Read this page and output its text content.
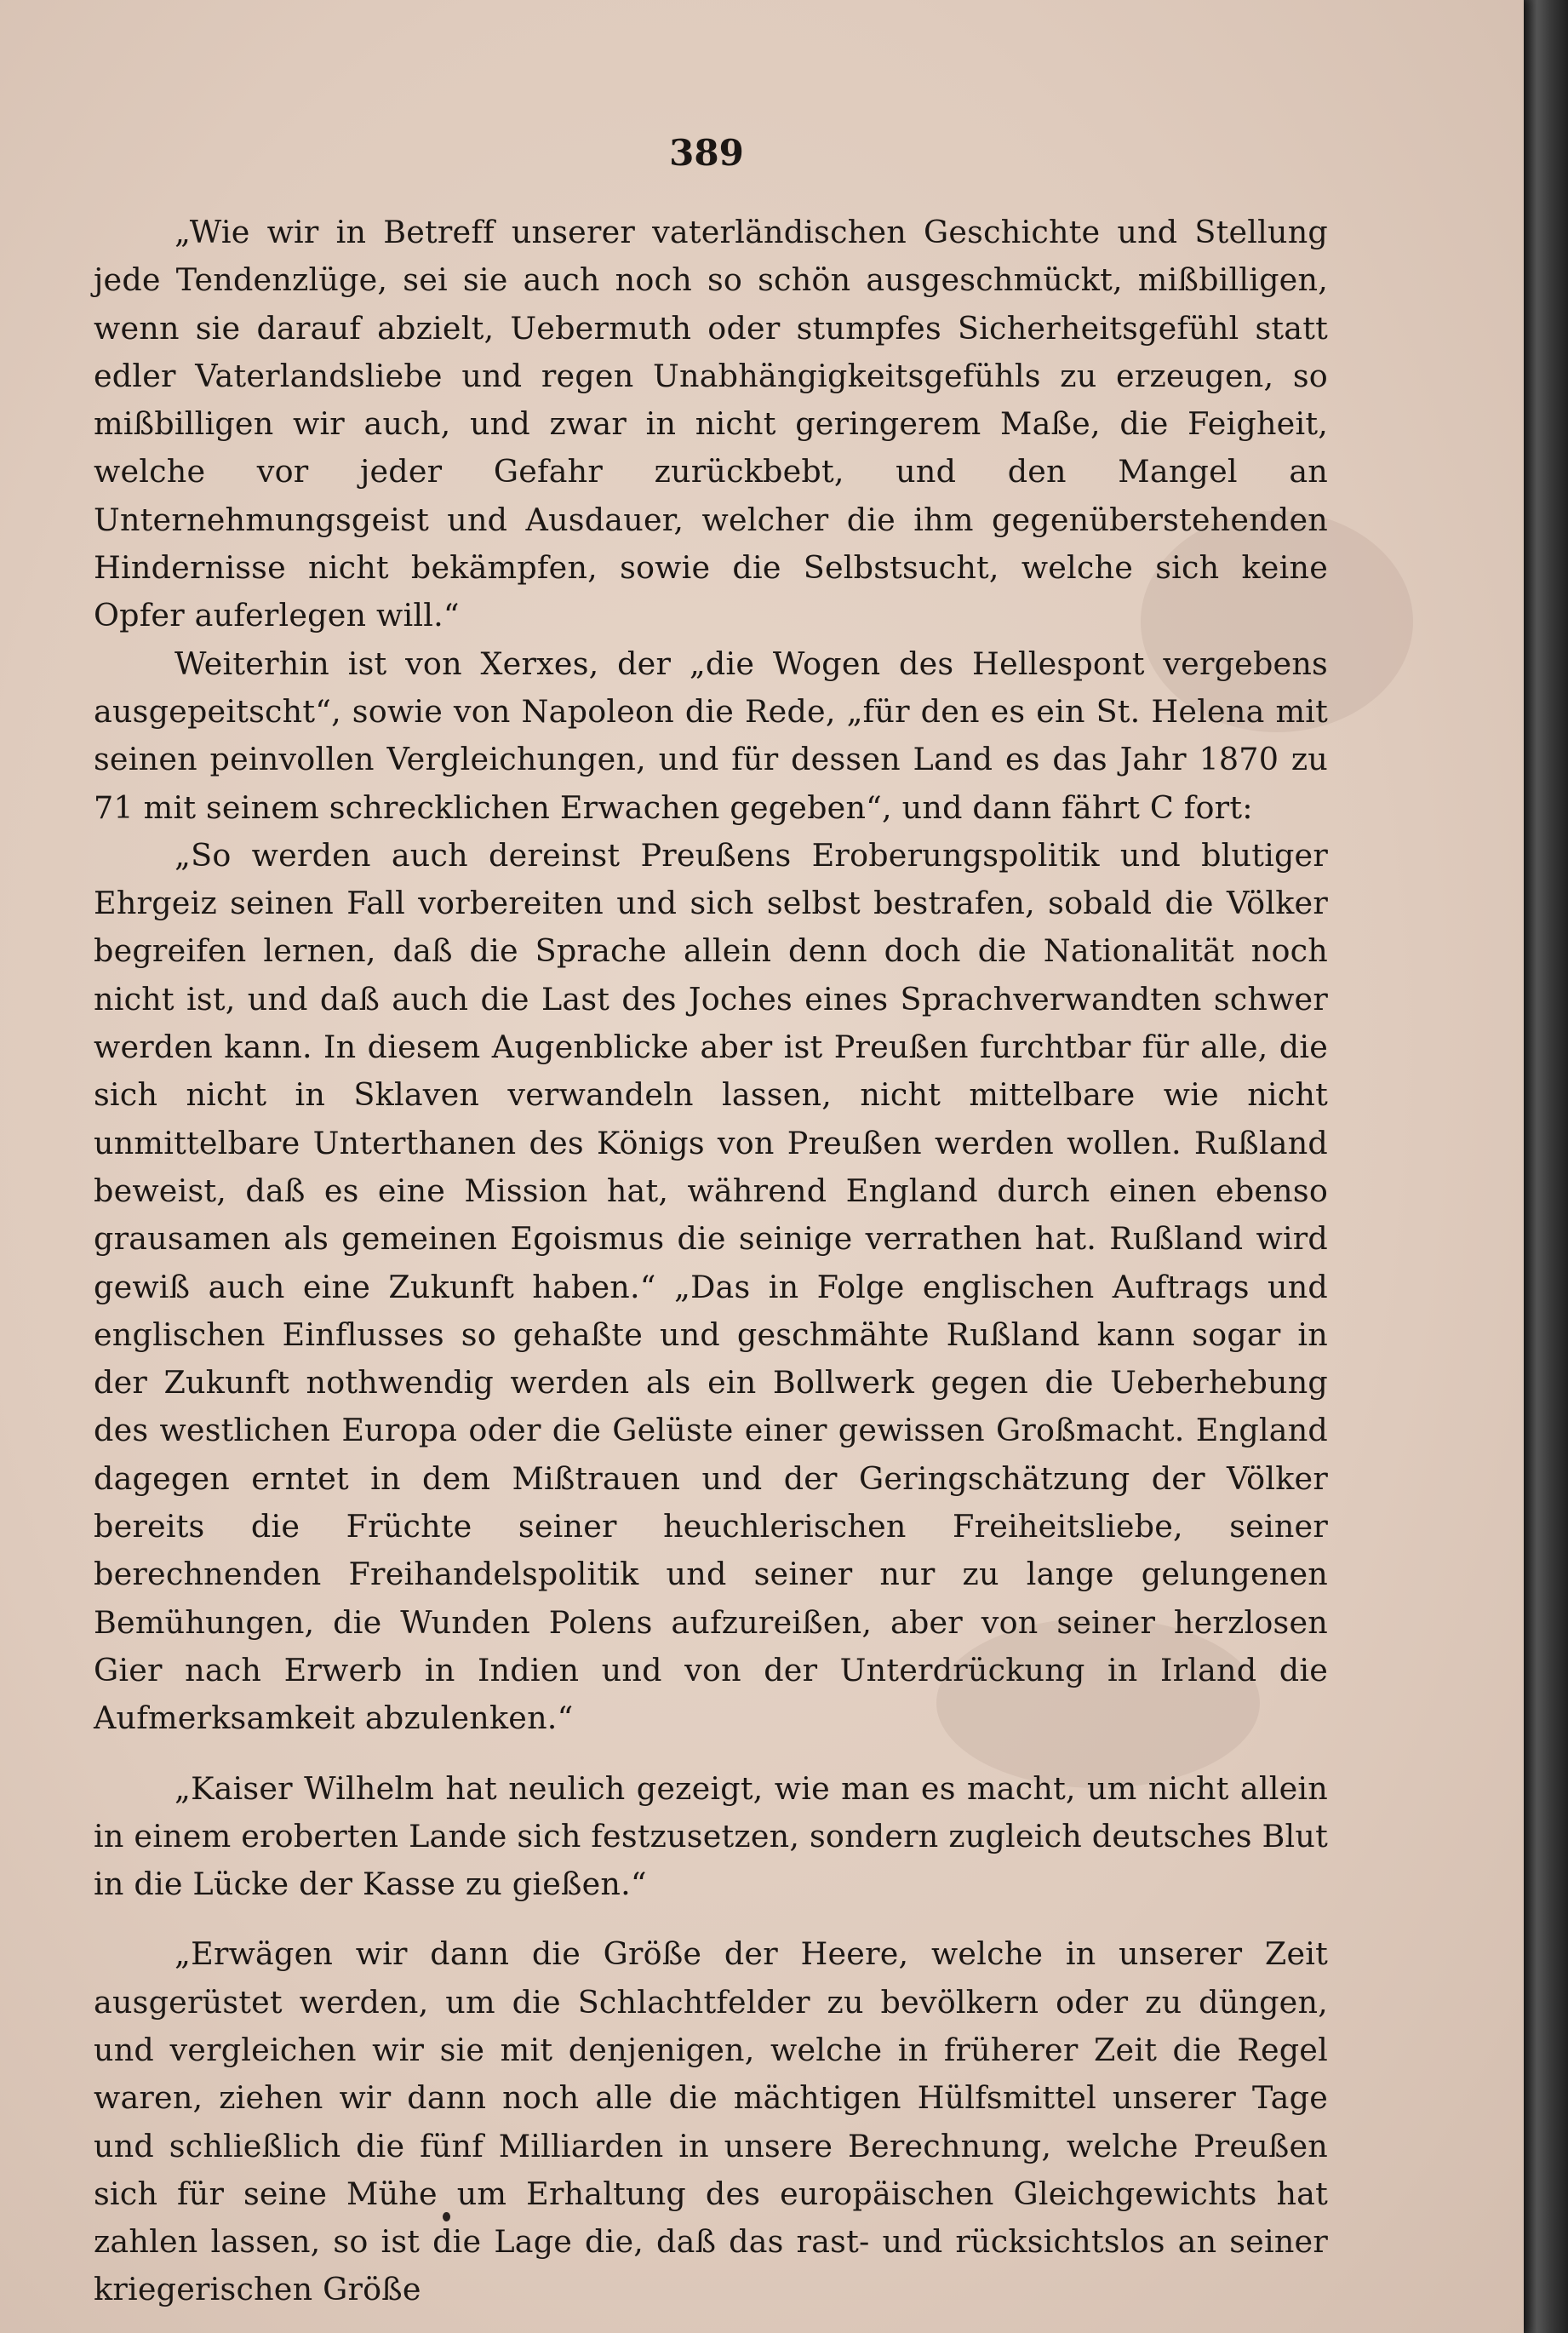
389

„Wie wir in Betreff unserer vaterländischen Geschichte und Stellung jede Tendenzlüge, sei sie auch noch so schön ausgeschmückt, mißbilligen, wenn sie darauf abzielt, Uebermuth oder stumpfes Sicherheitsgefühl statt edler Vaterlandsliebe und regen Unabhängigkeitsgefühls zu erzeugen, so mißbilligen wir auch, und zwar in nicht geringerem Maße, die Feigheit, welche vor jeder Gefahr zurückbebt, und den Mangel an Unternehmungsgeist und Ausdauer, welcher die ihm gegenüberstehenden Hindernisse nicht bekämpfen, sowie die Selbstsucht, welche sich keine Opfer auferlegen will.“

Weiterhin ist von Xerxes, der „die Wogen des Hellespont vergebens ausgepeitscht“, sowie von Napoleon die Rede, „für den es ein St. Helena mit seinen peinvollen Vergleichungen, und für dessen Land es das Jahr 1870 zu 71 mit seinem schrecklichen Erwachen gegeben“, und dann fährt C fort:

„So werden auch dereinst Preußens Eroberungspolitik und blutiger Ehrgeiz seinen Fall vorbereiten und sich selbst bestrafen, sobald die Völker begreifen lernen, daß die Sprache allein denn doch die Nationalität noch nicht ist, und daß auch die Last des Joches eines Sprachverwandten schwer werden kann. In diesem Augenblicke aber ist Preußen furchtbar für alle, die sich nicht in Sklaven verwandeln lassen, nicht mittelbare wie nicht unmittelbare Unterthanen des Königs von Preußen werden wollen. Rußland beweist, daß es eine Mission hat, während England durch einen ebenso grausamen als gemeinen Egoismus die seinige verrathen hat. Rußland wird gewiß auch eine Zukunft haben.“ „Das in Folge englischen Auftrags und englischen Einflusses so gehaßte und geschmähte Rußland kann sogar in der Zukunft nothwendig werden als ein Bollwerk gegen die Ueberhebung des westlichen Europa oder die Gelüste einer gewissen Großmacht. England dagegen erntet in dem Mißtrauen und der Geringschätzung der Völker bereits die Früchte seiner heuchlerischen Freiheitsliebe, seiner berechnenden Freihandelspolitik und seiner nur zu lange gelungenen Bemühungen, die Wunden Polens aufzureißen, aber von seiner herzlosen Gier nach Erwerb in Indien und von der Unterdrückung in Irland die Aufmerksamkeit abzulenken.“

„Kaiser Wilhelm hat neulich gezeigt, wie man es macht, um nicht allein in einem eroberten Lande sich festzusetzen, sondern zugleich deutsches Blut in die Lücke der Kasse zu gießen.“

„Erwägen wir dann die Größe der Heere, welche in unserer Zeit ausgerüstet werden, um die Schlachtfelder zu bevölkern oder zu düngen, und vergleichen wir sie mit denjenigen, welche in früherer Zeit die Regel waren, ziehen wir dann noch alle die mächtigen Hülfsmittel unserer Tage und schließlich die fünf Milliarden in unsere Berechnung, welche Preußen sich für seine Mühe um Erhaltung des europäischen Gleichgewichts hat zahlen lassen, so ist die Lage die, daß das rast- und rücksichtslos an seiner kriegerischen Größe
